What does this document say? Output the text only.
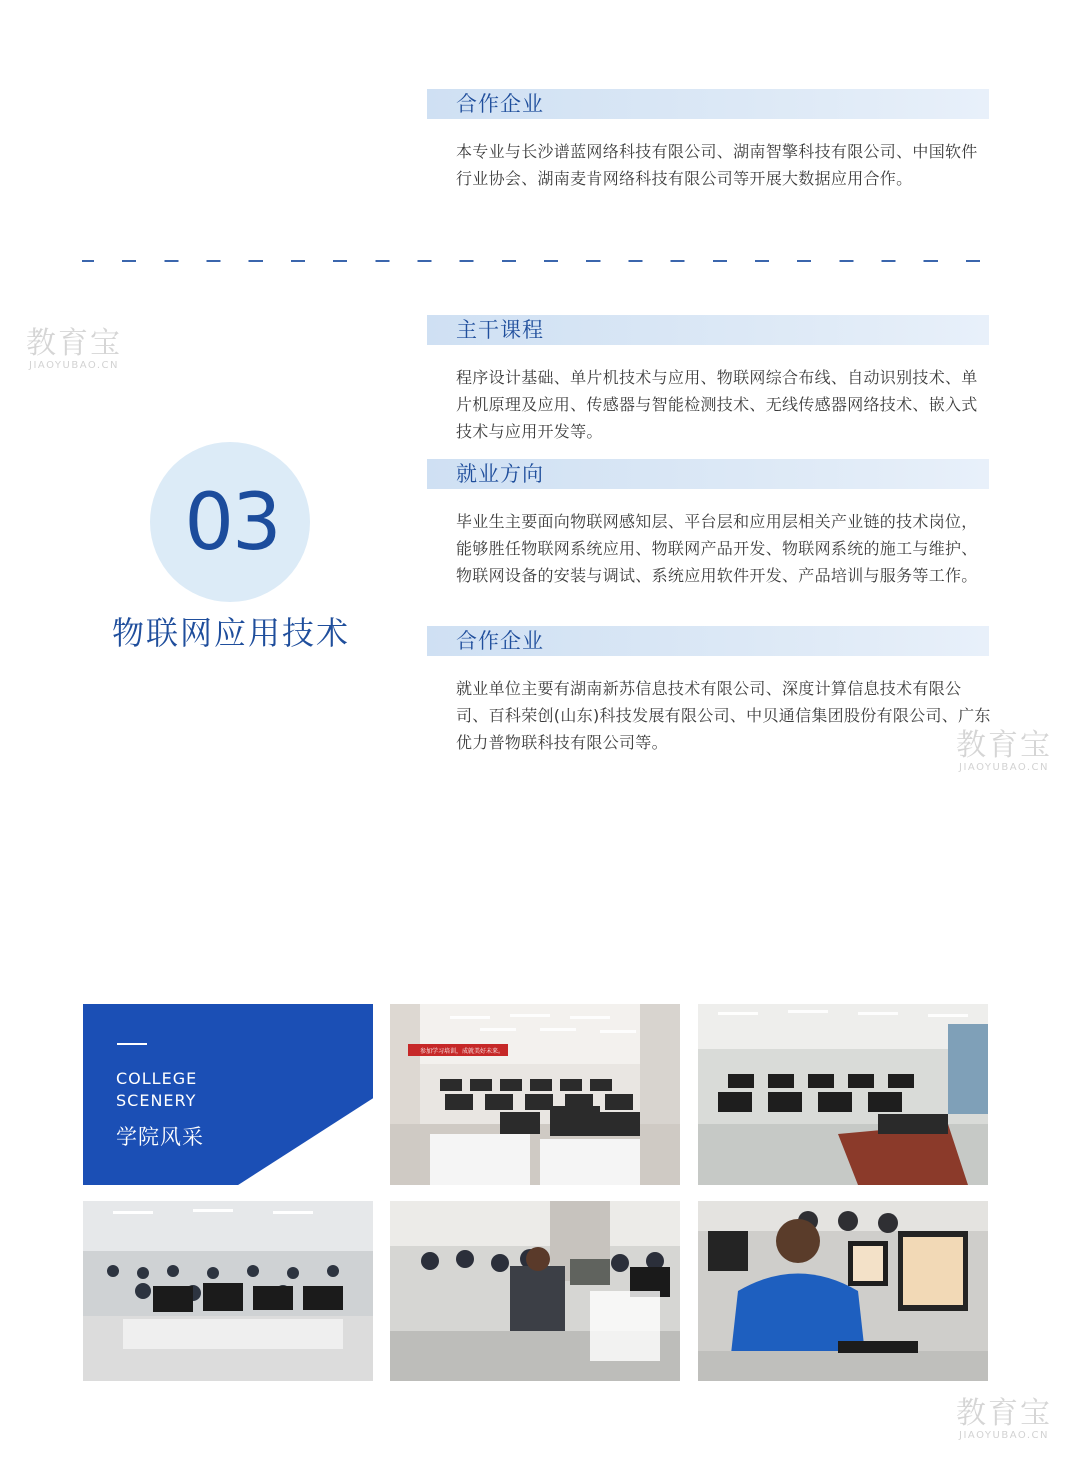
合作企业
本专业与长沙谱蓝网络科技有限公司、湖南智擎科技有限公司、中国软件行业协会、湖南麦肯网络科技有限公司等开展大数据应用合作。
教育宝
JIAOYUBAO.CN
03
物联网应用技术
主干课程
程序设计基础、单片机技术与应用、物联网综合布线、自动识别技术、单片机原理及应用、传感器与智能检测技术、无线传感器网络技术、嵌入式技术与应用开发等。
就业方向
毕业生主要面向物联网感知层、平台层和应用层相关产业链的技术岗位，能够胜任物联网系统应用、物联网产品开发、物联网系统的施工与维护、物联网设备的安装与调试、系统应用软件开发、产品培训与服务等工作。
合作企业
就业单位主要有湖南新苏信息技术有限公司、深度计算信息技术有限公司、百科荣创(山东)科技发展有限公司、中贝通信集团股份有限公司、广东优力普物联科技有限公司等。	教育宝
JIAOYUBAO.CN
COLLEGE
SCENERY
学院风采
参加学习培训，成就美好未来。
教育宝
JIAOYUBAO.CN
